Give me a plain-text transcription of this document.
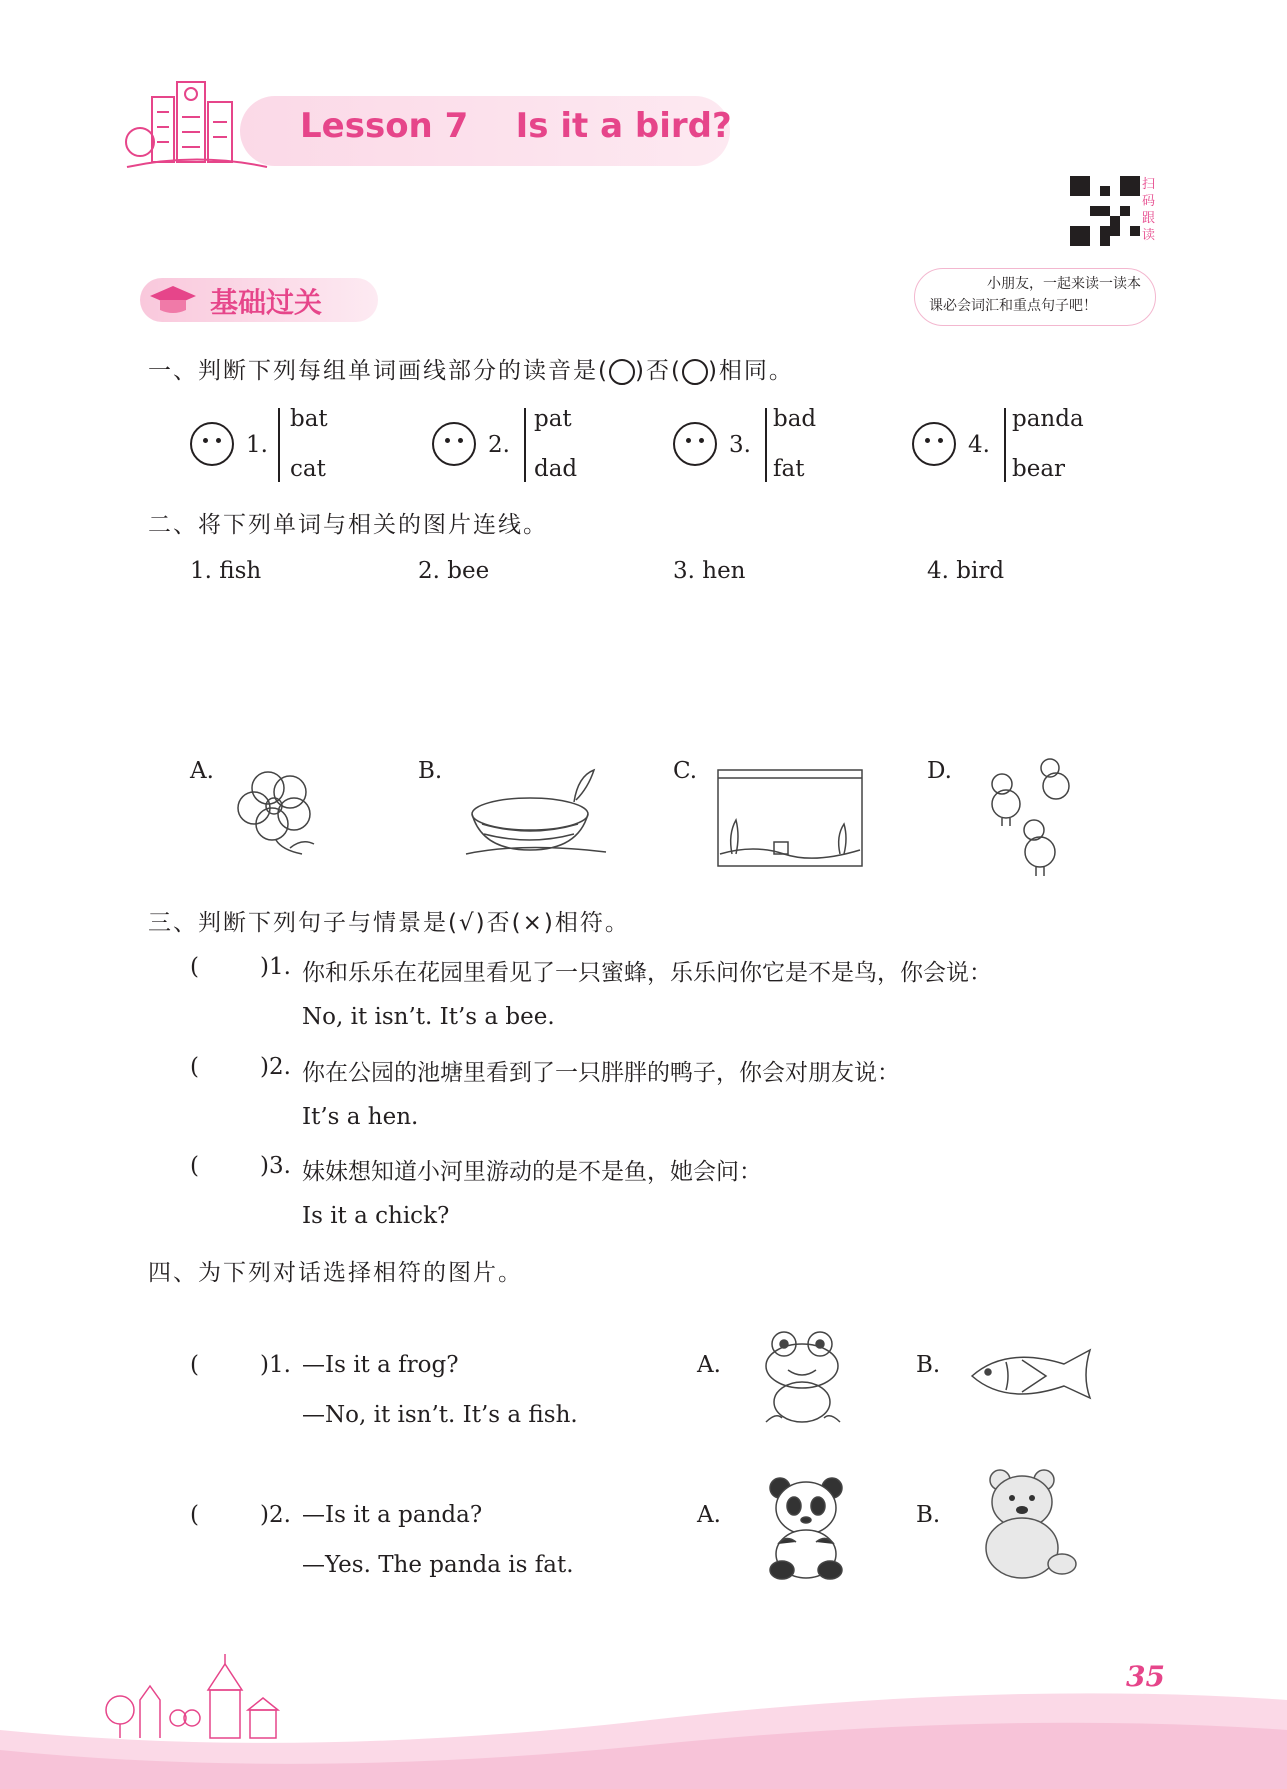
Lesson 7    Is it a bird?
扫
码
跟
读
小朋友，一起来读一读本
课必会词汇和重点句子吧！
基础过关
一、判断下列每组单词画线部分的读音是( )否( )相同。
1.
bat
cat
2.
pat
dad
3.
bad
fat
4.
panda
bear
二、将下列单词与相关的图片连线。
1. fish	2. bee	3. hen	4. bird
A.	B.	C.	D.
三、判断下列句子与情景是(√)否(×)相符。
(	)1. 你和乐乐在花园里看见了一只蜜蜂，乐乐问你它是不是鸟，你会说：
No, it isn’t. It’s a bee.
(	)2. 你在公园的池塘里看到了一只胖胖的鸭子，你会对朋友说：
It’s a hen.
(	)3. 妹妹想知道小河里游动的是不是鱼，她会问：
Is it a chick?
四、为下列对话选择相符的图片。
(	)1. —Is it a frog?
—No, it isn’t. It’s a fish.
A.	B.
(	)2. —Is it a panda?
—Yes. The panda is fat.
A.	B.
35
